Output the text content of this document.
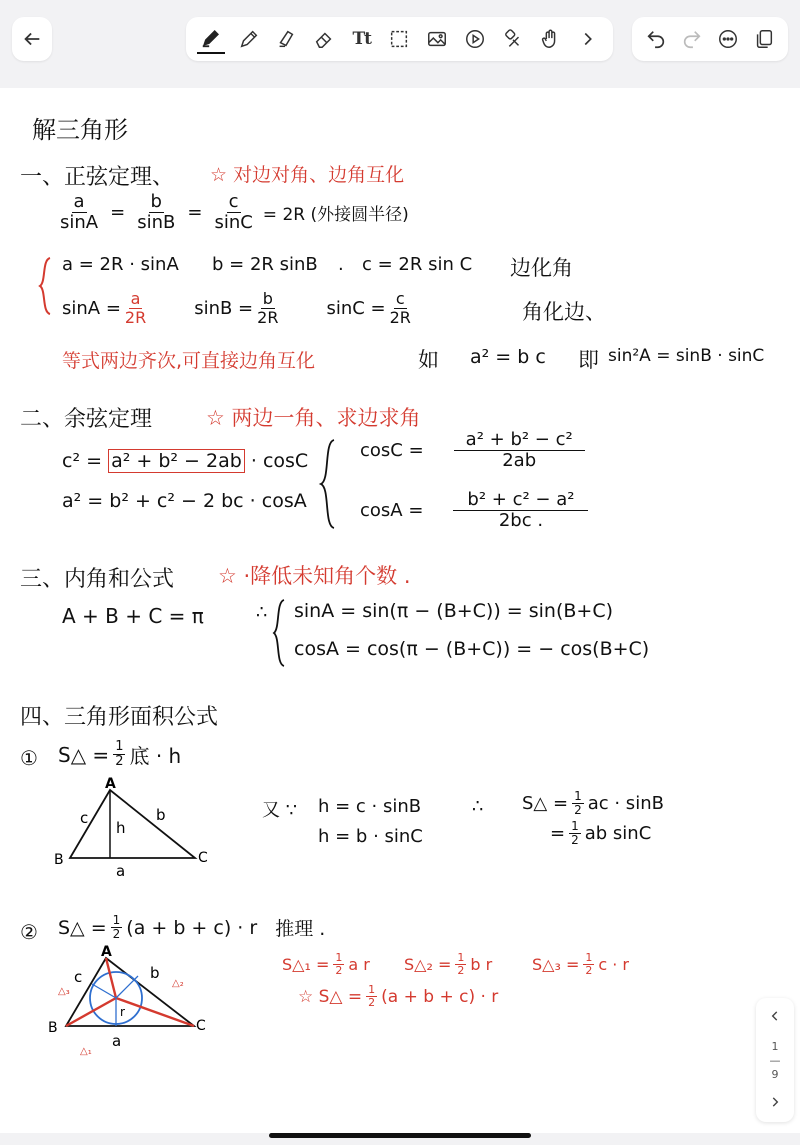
Tt
解三角形
一、正弦定理、 ☆ 对边对角、边角互化
$\frac{a}{\sin A} = \frac{b}{\sin B} = \frac{c}{\sin C} = 2R$ (外接圆半径)
a = 2R · sinA b = 2R sinB . c = 2R sin C 边化角
$\sin A = \frac{a}{2R}$	$\sin B = \frac{b}{2R}$	$\sin C = \frac{c}{2R}$	角化边、
等式两边齐次,可直接边角互化	如 a² = b c 即 sin²A = sinB · sinC
二、余弦定理	☆ 两边一角、求边求角
c² = a² + b² − 2ab · cosC
a² = b² + c² − 2 bc · cosA
$\cos C = \frac{\text{a² + b² − c²}}{2ab}$
$\cos A = \frac{\text{b² + c² − a²}}{2bc .}$
三、内角和公式 ☆ ·降低未知角个数 .
A + B + C = π	∴ sinA = sin(π − (B+C)) = sin(B+C)
cosA = cos(π − (B+C)) = − cos(B+C)
四、三角形面积公式
① S△ = $\frac{1}{2}$ 底 · h
A
B	C
c	b
h
a
又 ∵ h = c · sinB
h = b · sinC
∴ S△ = $\frac{1}{2}$ ac · sinB
= $\frac{1}{2}$ ab sinC
② S△ = $\frac{1}{2} (a + b + c) \cdot r$ 推理 .
S△₁ = $\frac{1}{2}$ a r S△₂ = $\frac{1}{2}$ b r S△₃ = $\frac{1}{2}$ c · r
☆ S△ = $\frac{1}{2} (a + b + c) \cdot r$
A
B	C
c	b
a
r
△₁
△₂
△₃
1
—
9
